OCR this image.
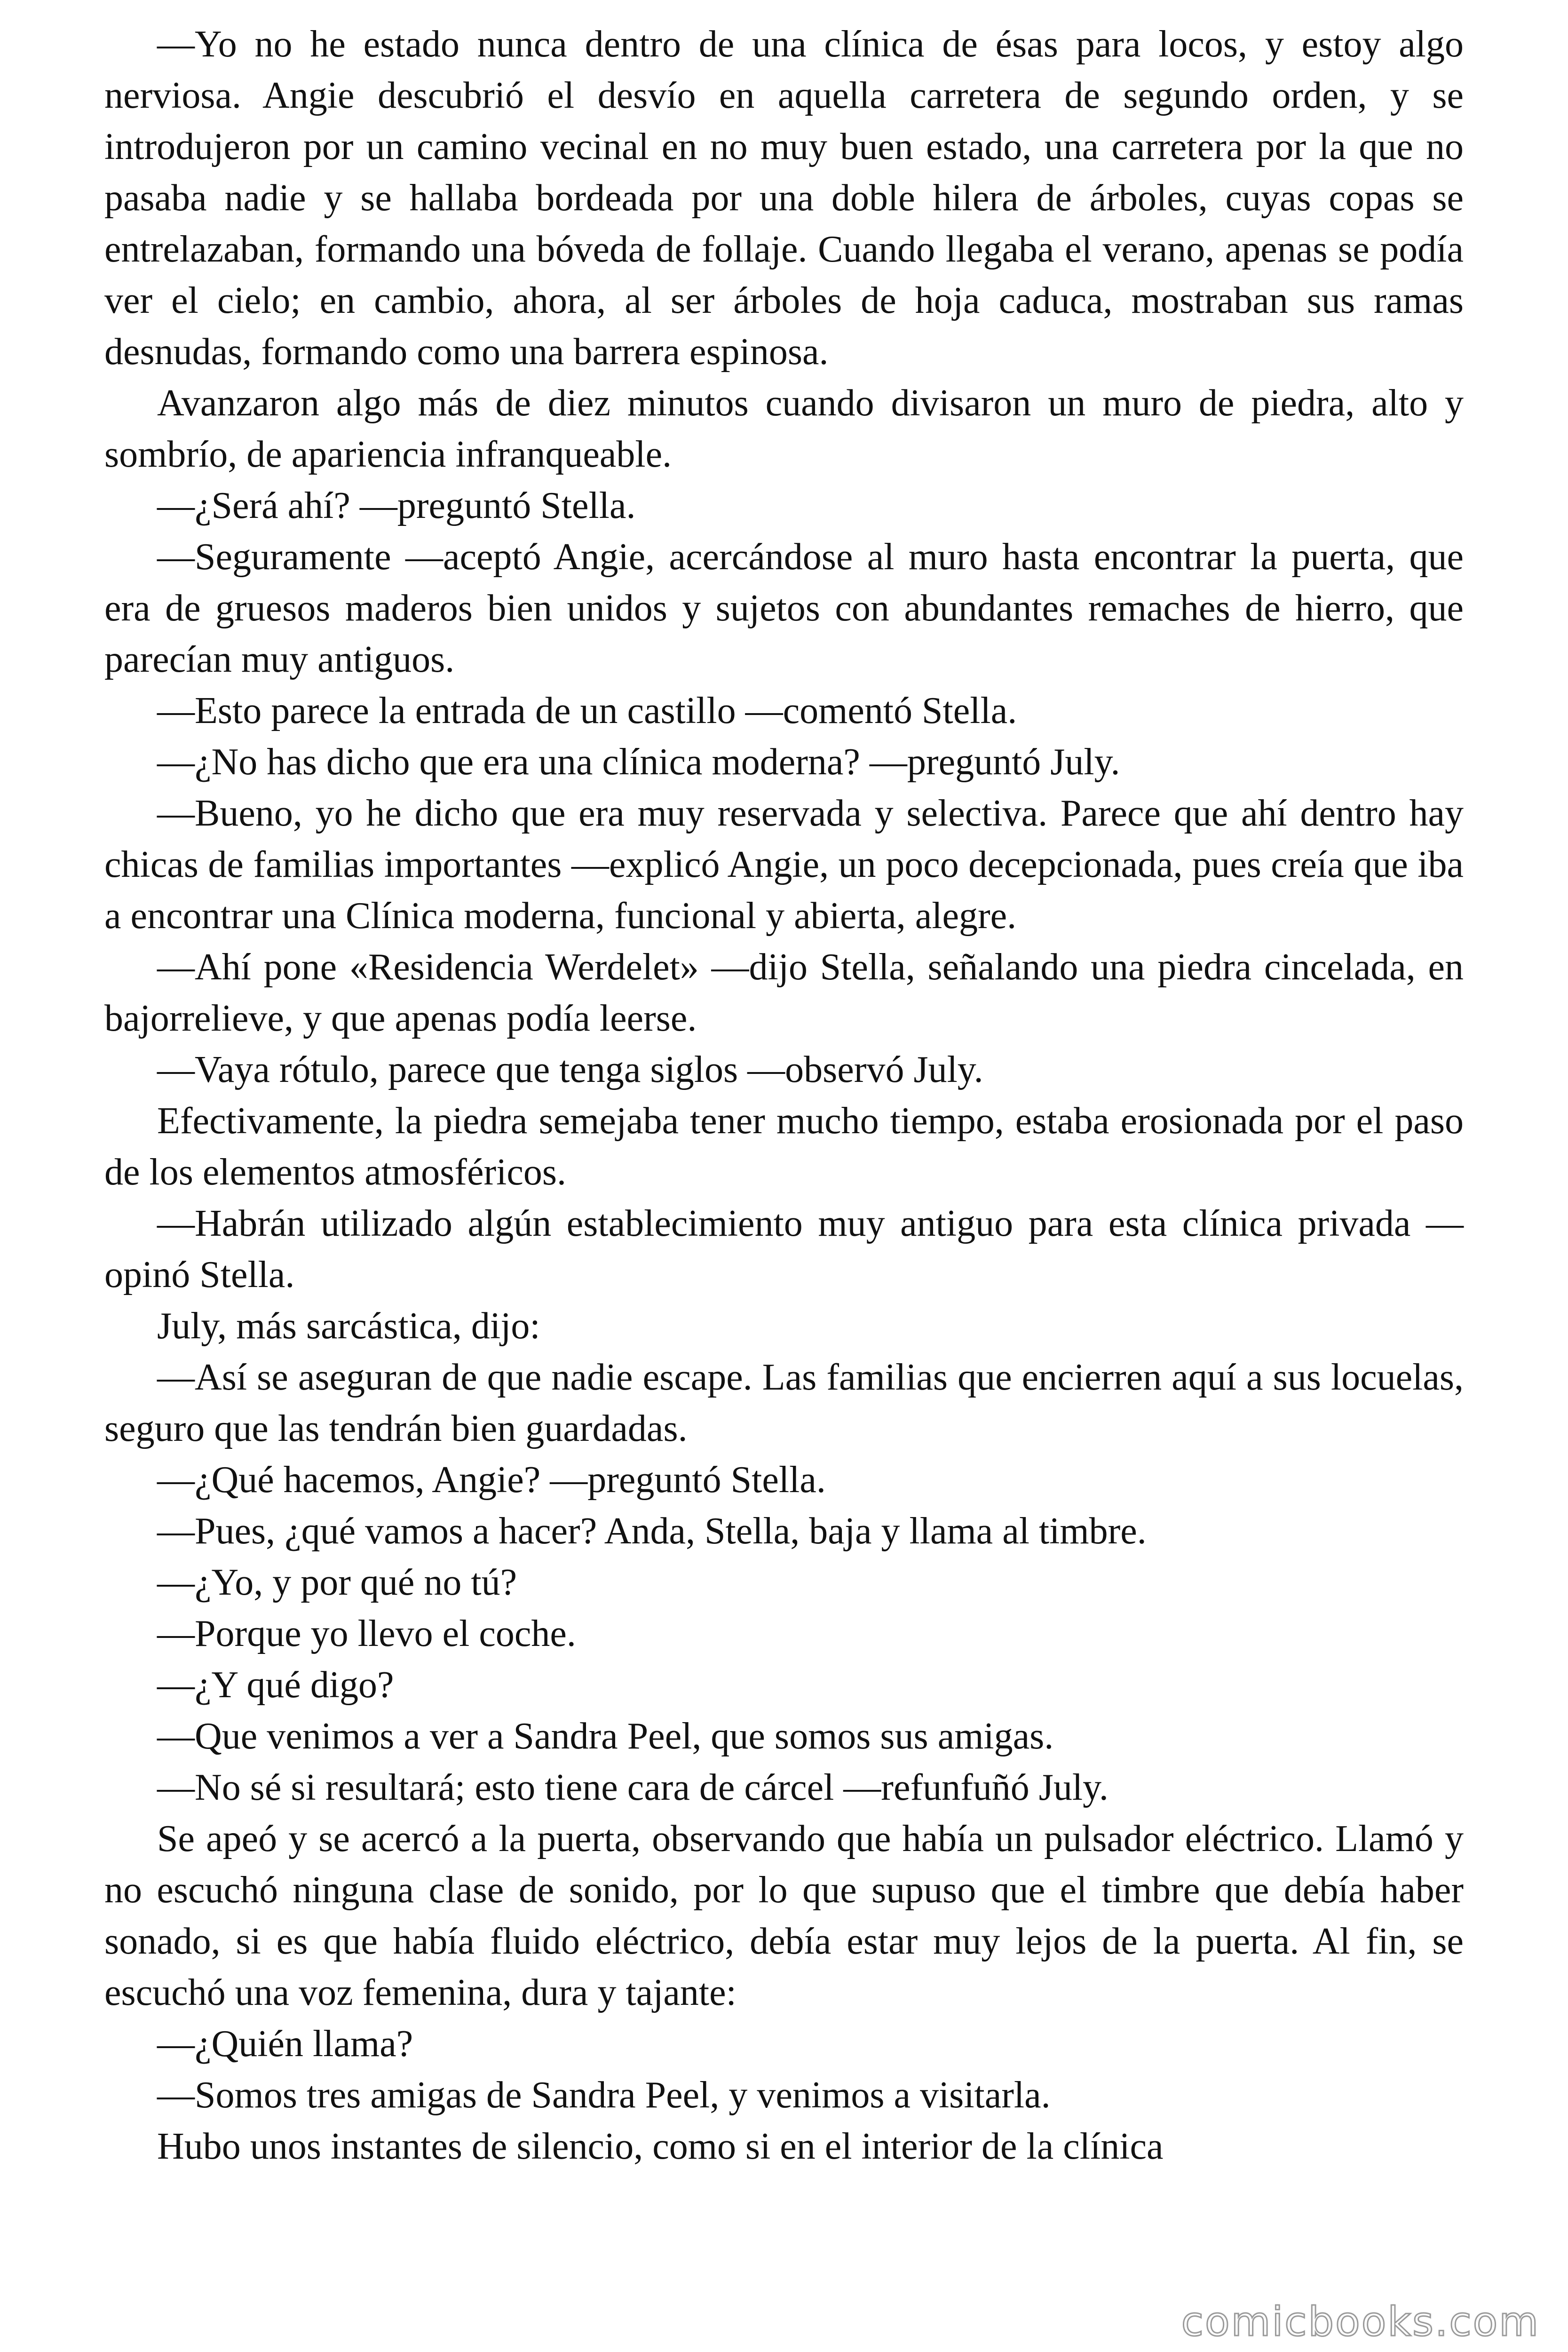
—Yo no he estado nunca dentro de una clínica de ésas para locos, y estoy algo nerviosa. Angie descubrió el desvío en aquella carretera de segundo orden, y se introdujeron por un camino vecinal en no muy buen estado, una carretera por la que no pasaba nadie y se hallaba bordeada por una doble hilera de árboles, cuyas copas se entrelazaban, formando una bóveda de follaje. Cuando llegaba el verano, apenas se podía ver el cielo; en cambio, ahora, al ser árboles de hoja caduca, mostraban sus ramas desnudas, formando como una barrera espinosa.

Avanzaron algo más de diez minutos cuando divisaron un muro de piedra, alto y sombrío, de apariencia infranqueable.

—¿Será ahí? —preguntó Stella.

—Seguramente —aceptó Angie, acercándose al muro hasta encontrar la puerta, que era de gruesos maderos bien unidos y sujetos con abundantes remaches de hierro, que parecían muy antiguos.

—Esto parece la entrada de un castillo —comentó Stella.

—¿No has dicho que era una clínica moderna? —preguntó July.

—Bueno, yo he dicho que era muy reservada y selectiva. Parece que ahí dentro hay chicas de familias importantes —explicó Angie, un poco decepcionada, pues creía que iba a encontrar una Clínica moderna, funcional y abierta, alegre.

—Ahí pone «Residencia Werdelet» —dijo Stella, señalando una piedra cincelada, en bajorrelieve, y que apenas podía leerse.

—Vaya rótulo, parece que tenga siglos —observó July.

Efectivamente, la piedra semejaba tener mucho tiempo, estaba erosionada por el paso de los elementos atmosféricos.

—Habrán utilizado algún establecimiento muy antiguo para esta clínica privada —opinó Stella.

July, más sarcástica, dijo:

—Así se aseguran de que nadie escape. Las familias que encierren aquí a sus locuelas, seguro que las tendrán bien guardadas.

—¿Qué hacemos, Angie? —preguntó Stella.

—Pues, ¿qué vamos a hacer? Anda, Stella, baja y llama al timbre.

—¿Yo, y por qué no tú?

—Porque yo llevo el coche.

—¿Y qué digo?

—Que venimos a ver a Sandra Peel, que somos sus amigas.

—No sé si resultará; esto tiene cara de cárcel —refunfuñó July.

Se apeó y se acercó a la puerta, observando que había un pulsador eléctrico. Llamó y no escuchó ninguna clase de sonido, por lo que supuso que el timbre que debía haber sonado, si es que había fluido eléctrico, debía estar muy lejos de la puerta. Al fin, se escuchó una voz femenina, dura y tajante:

—¿Quién llama?

—Somos tres amigas de Sandra Peel, y venimos a visitarla.

Hubo unos instantes de silencio, como si en el interior de la clínica

comicbooks.com
